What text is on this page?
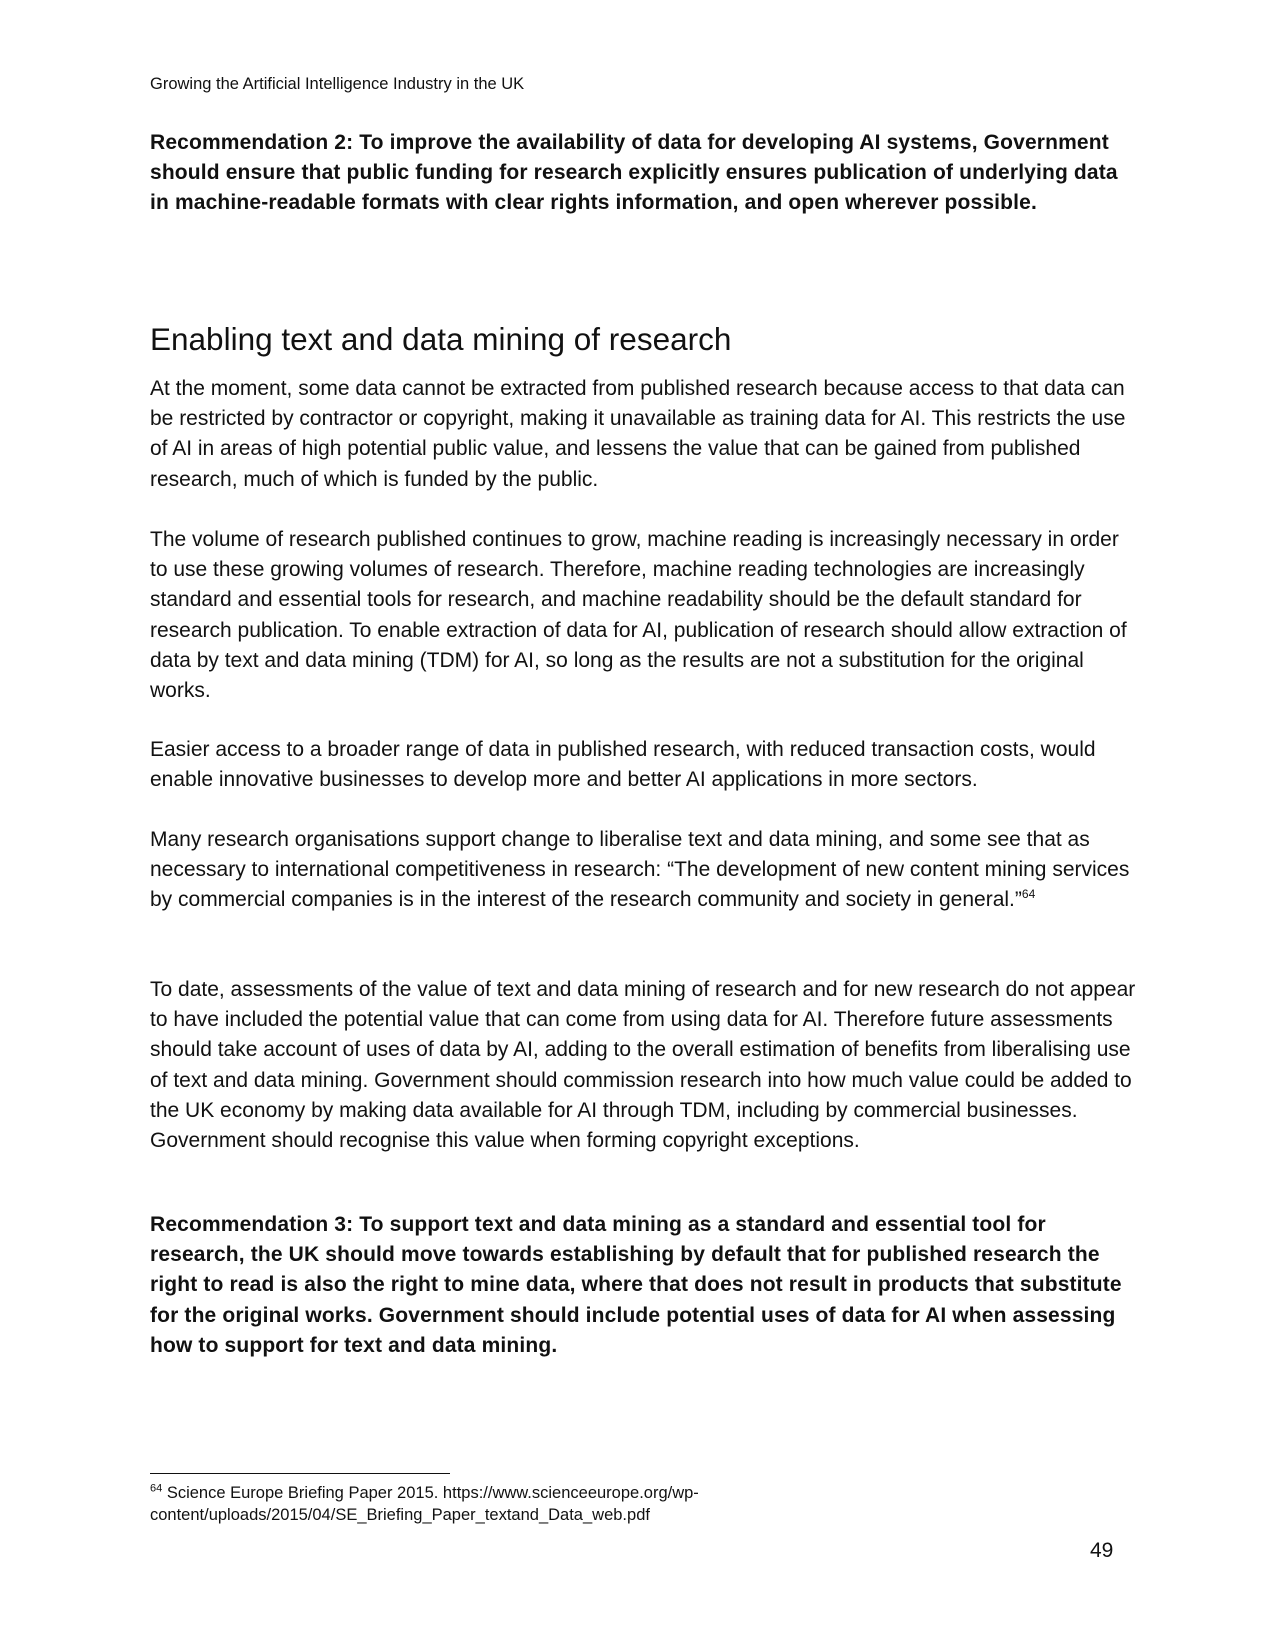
Growing the Artificial Intelligence Industry in the UK

Recommendation 2: To improve the availability of data for developing AI systems, Government should ensure that public funding for research explicitly ensures publication of underlying data in machine-readable formats with clear rights information, and open wherever possible.

Enabling text and data mining of research

At the moment, some data cannot be extracted from published research because access to that data can be restricted by contractor or copyright, making it unavailable as training data for AI. This restricts the use of AI in areas of high potential public value, and lessens the value that can be gained from published research, much of which is funded by the public.

The volume of research published continues to grow, machine reading is increasingly necessary in order to use these growing volumes of research. Therefore, machine reading technologies are increasingly standard and essential tools for research, and machine readability should be the default standard for research publication. To enable extraction of data for AI, publication of research should allow extraction of data by text and data mining (TDM) for AI, so long as the results are not a substitution for the original works.

Easier access to a broader range of data in published research, with reduced transaction costs, would enable innovative businesses to develop more and better AI applications in more sectors.

Many research organisations support change to liberalise text and data mining, and some see that as necessary to international competitiveness in research: “The development of new content mining services by commercial companies is in the interest of the research community and society in general.”$^{64}$

To date, assessments of the value of text and data mining of research and for new research do not appear to have included the potential value that can come from using data for AI. Therefore future assessments should take account of uses of data by AI, adding to the overall estimation of benefits from liberalising use of text and data mining. Government should commission research into how much value could be added to the UK economy by making data available for AI through TDM, including by commercial businesses. Government should recognise this value when forming copyright exceptions.

Recommendation 3: To support text and data mining as a standard and essential tool for research, the UK should move towards establishing by default that for published research the right to read is also the right to mine data, where that does not result in products that substitute for the original works. Government should include potential uses of data for AI when assessing how to support for text and data mining.

$^{64}$ Science Europe Briefing Paper 2015. https://www.scienceeurope.org/wp-content/uploads/2015/04/SE_Briefing_Paper_textand_Data_web.pdf
49
